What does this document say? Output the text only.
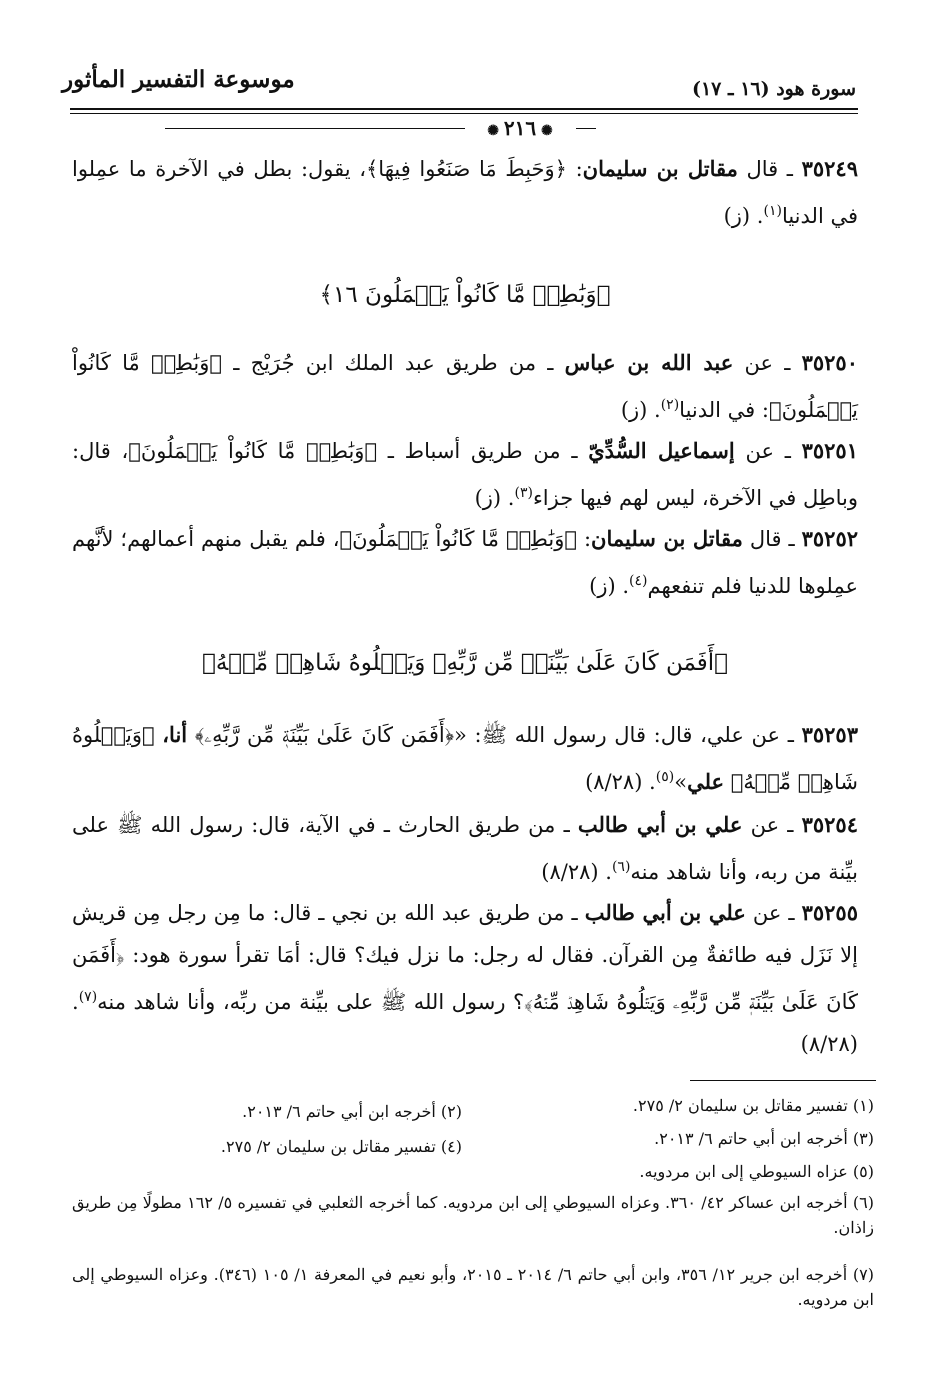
سورة هود (١٦ ـ ١٧)
موسوعة التفسير المأثور
✺ ٢١٦ ✺
٣٥٢٤٩ ـ قال مقاتل بن سليمان: ﴿وَحَبِطَ مَا صَنَعُوا فِيهَا﴾، يقول: بطل في الآخرة ما عمِلوا في الدنيا$^{(١)}$. (ز)
﴿وَبَٰطِلٞ مَّا كَانُواْ يَعۡمَلُونَ ١٦﴾
٣٥٢٥٠ ـ عن عبد الله بن عباس ـ من طريق عبد الملك ابن جُرَيْج ـ ﴿وَبَٰطِلٞ مَّا كَانُواْ يَعۡمَلُونَ﴾: في الدنيا$^{(٢)}$. (ز)
٣٥٢٥١ ـ عن إسماعيل السُّدِّيّ ـ من طريق أسباط ـ ﴿وَبَٰطِلٞ مَّا كَانُواْ يَعۡمَلُونَ﴾، قال: وباطِل في الآخرة، ليس لهم فيها جزاء$^{(٣)}$. (ز)
٣٥٢٥٢ ـ قال مقاتل بن سليمان: ﴿وَبَٰطِلٞ مَّا كَانُواْ يَعۡمَلُونَ﴾، فلم يقبل منهم أعمالهم؛ لأنَّهم عمِلوها للدنيا فلم تنفعهم$^{(٤)}$. (ز)
﴿أَفَمَن كَانَ عَلَىٰ بَيِّنَةٖ مِّن رَّبِّهِۦ وَيَتۡلُوهُ شَاهِدٞ مِّنۡهُ﴾
٣٥٢٥٣ ـ عن علي، قال: قال رسول الله ﷺ: «﴿أَفَمَن كَانَ عَلَىٰ بَيِّنَةٖ مِّن رَّبِّهِۦ﴾ أنا، ﴿وَيَتۡلُوهُ شَاهِدٞ مِّنۡهُ﴾ علي»$^{(٥)}$. (٨/٢٨)
٣٥٢٥٤ ـ عن علي بن أبي طالب ـ من طريق الحارث ـ في الآية، قال: رسول الله ﷺ على بيِّنة من ربه، وأنا شاهد منه$^{(٦)}$. (٨/٢٨)
٣٥٢٥٥ ـ عن علي بن أبي طالب ـ من طريق عبد الله بن نجي ـ قال: ما مِن رجل مِن قريش إلا نَزَل فيه طائفةٌ مِن القرآن. فقال له رجل: ما نزل فيك؟ قال: أمَا تقرأ سورة هود: ﴿أَفَمَن كَانَ عَلَىٰ بَيِّنَةٖ مِّن رَّبِّهِۦ وَيَتۡلُوهُ شَاهِدٞ مِّنۡهُ﴾؟ رسول الله ﷺ على بيِّنة من ربِّه، وأنا شاهد منه$^{(٧)}$. (٨/٢٨)
(١) تفسير مقاتل بن سليمان ٢/ ٢٧٥.
(٢) أخرجه ابن أبي حاتم ٦/ ٢٠١٣.
(٣) أخرجه ابن أبي حاتم ٦/ ٢٠١٣.
(٤) تفسير مقاتل بن سليمان ٢/ ٢٧٥.
(٥) عزاه السيوطي إلى ابن مردويه.
(٦) أخرجه ابن عساكر ٤٢/ ٣٦٠. وعزاه السيوطي إلى ابن مردويه. كما أخرجه الثعلبي في تفسيره ٥/ ١٦٢ مطولًا مِن طريق زاذان.
(٧) أخرجه ابن جرير ١٢/ ٣٥٦، وابن أبي حاتم ٦/ ٢٠١٤ ـ ٢٠١٥، وأبو نعيم في المعرفة ١/ ١٠٥ (٣٤٦). وعزاه السيوطي إلى ابن مردويه.
